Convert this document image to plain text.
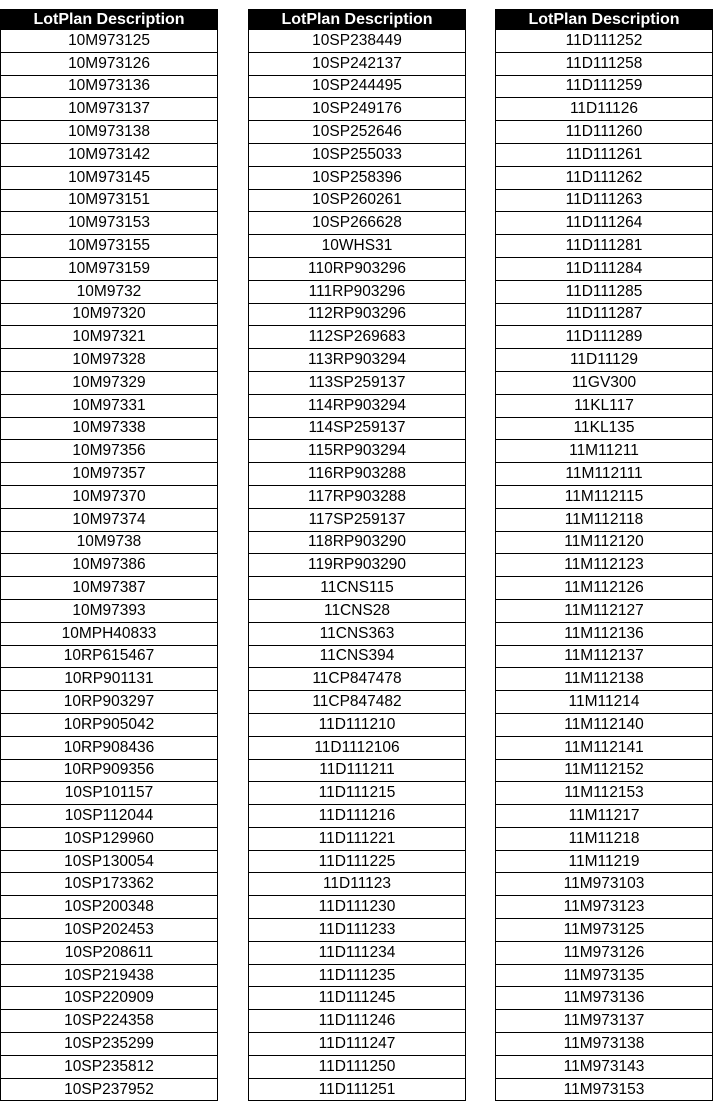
LotPlan Description
10M973125
10M973126
10M973136
10M973137
10M973138
10M973142
10M973145
10M973151
10M973153
10M973155
10M973159
10M9732
10M97320
10M97321
10M97328
10M97329
10M97331
10M97338
10M97356
10M97357
10M97370
10M97374
10M9738
10M97386
10M97387
10M97393
10MPH40833
10RP615467
10RP901131
10RP903297
10RP905042
10RP908436
10RP909356
10SP101157
10SP112044
10SP129960
10SP130054
10SP173362
10SP200348
10SP202453
10SP208611
10SP219438
10SP220909
10SP224358
10SP235299
10SP235812
10SP237952
LotPlan Description
10SP238449
10SP242137
10SP244495
10SP249176
10SP252646
10SP255033
10SP258396
10SP260261
10SP266628
10WHS31
110RP903296
111RP903296
112RP903296
112SP269683
113RP903294
113SP259137
114RP903294
114SP259137
115RP903294
116RP903288
117RP903288
117SP259137
118RP903290
119RP903290
11CNS115
11CNS28
11CNS363
11CNS394
11CP847478
11CP847482
11D111210
11D1112106
11D111211
11D111215
11D111216
11D111221
11D111225
11D11123
11D111230
11D111233
11D111234
11D111235
11D111245
11D111246
11D111247
11D111250
11D111251
LotPlan Description
11D111252
11D111258
11D111259
11D11126
11D111260
11D111261
11D111262
11D111263
11D111264
11D111281
11D111284
11D111285
11D111287
11D111289
11D11129
11GV300
11KL117
11KL135
11M11211
11M112111
11M112115
11M112118
11M112120
11M112123
11M112126
11M112127
11M112136
11M112137
11M112138
11M11214
11M112140
11M112141
11M112152
11M112153
11M11217
11M11218
11M11219
11M973103
11M973123
11M973125
11M973126
11M973135
11M973136
11M973137
11M973138
11M973143
11M973153
